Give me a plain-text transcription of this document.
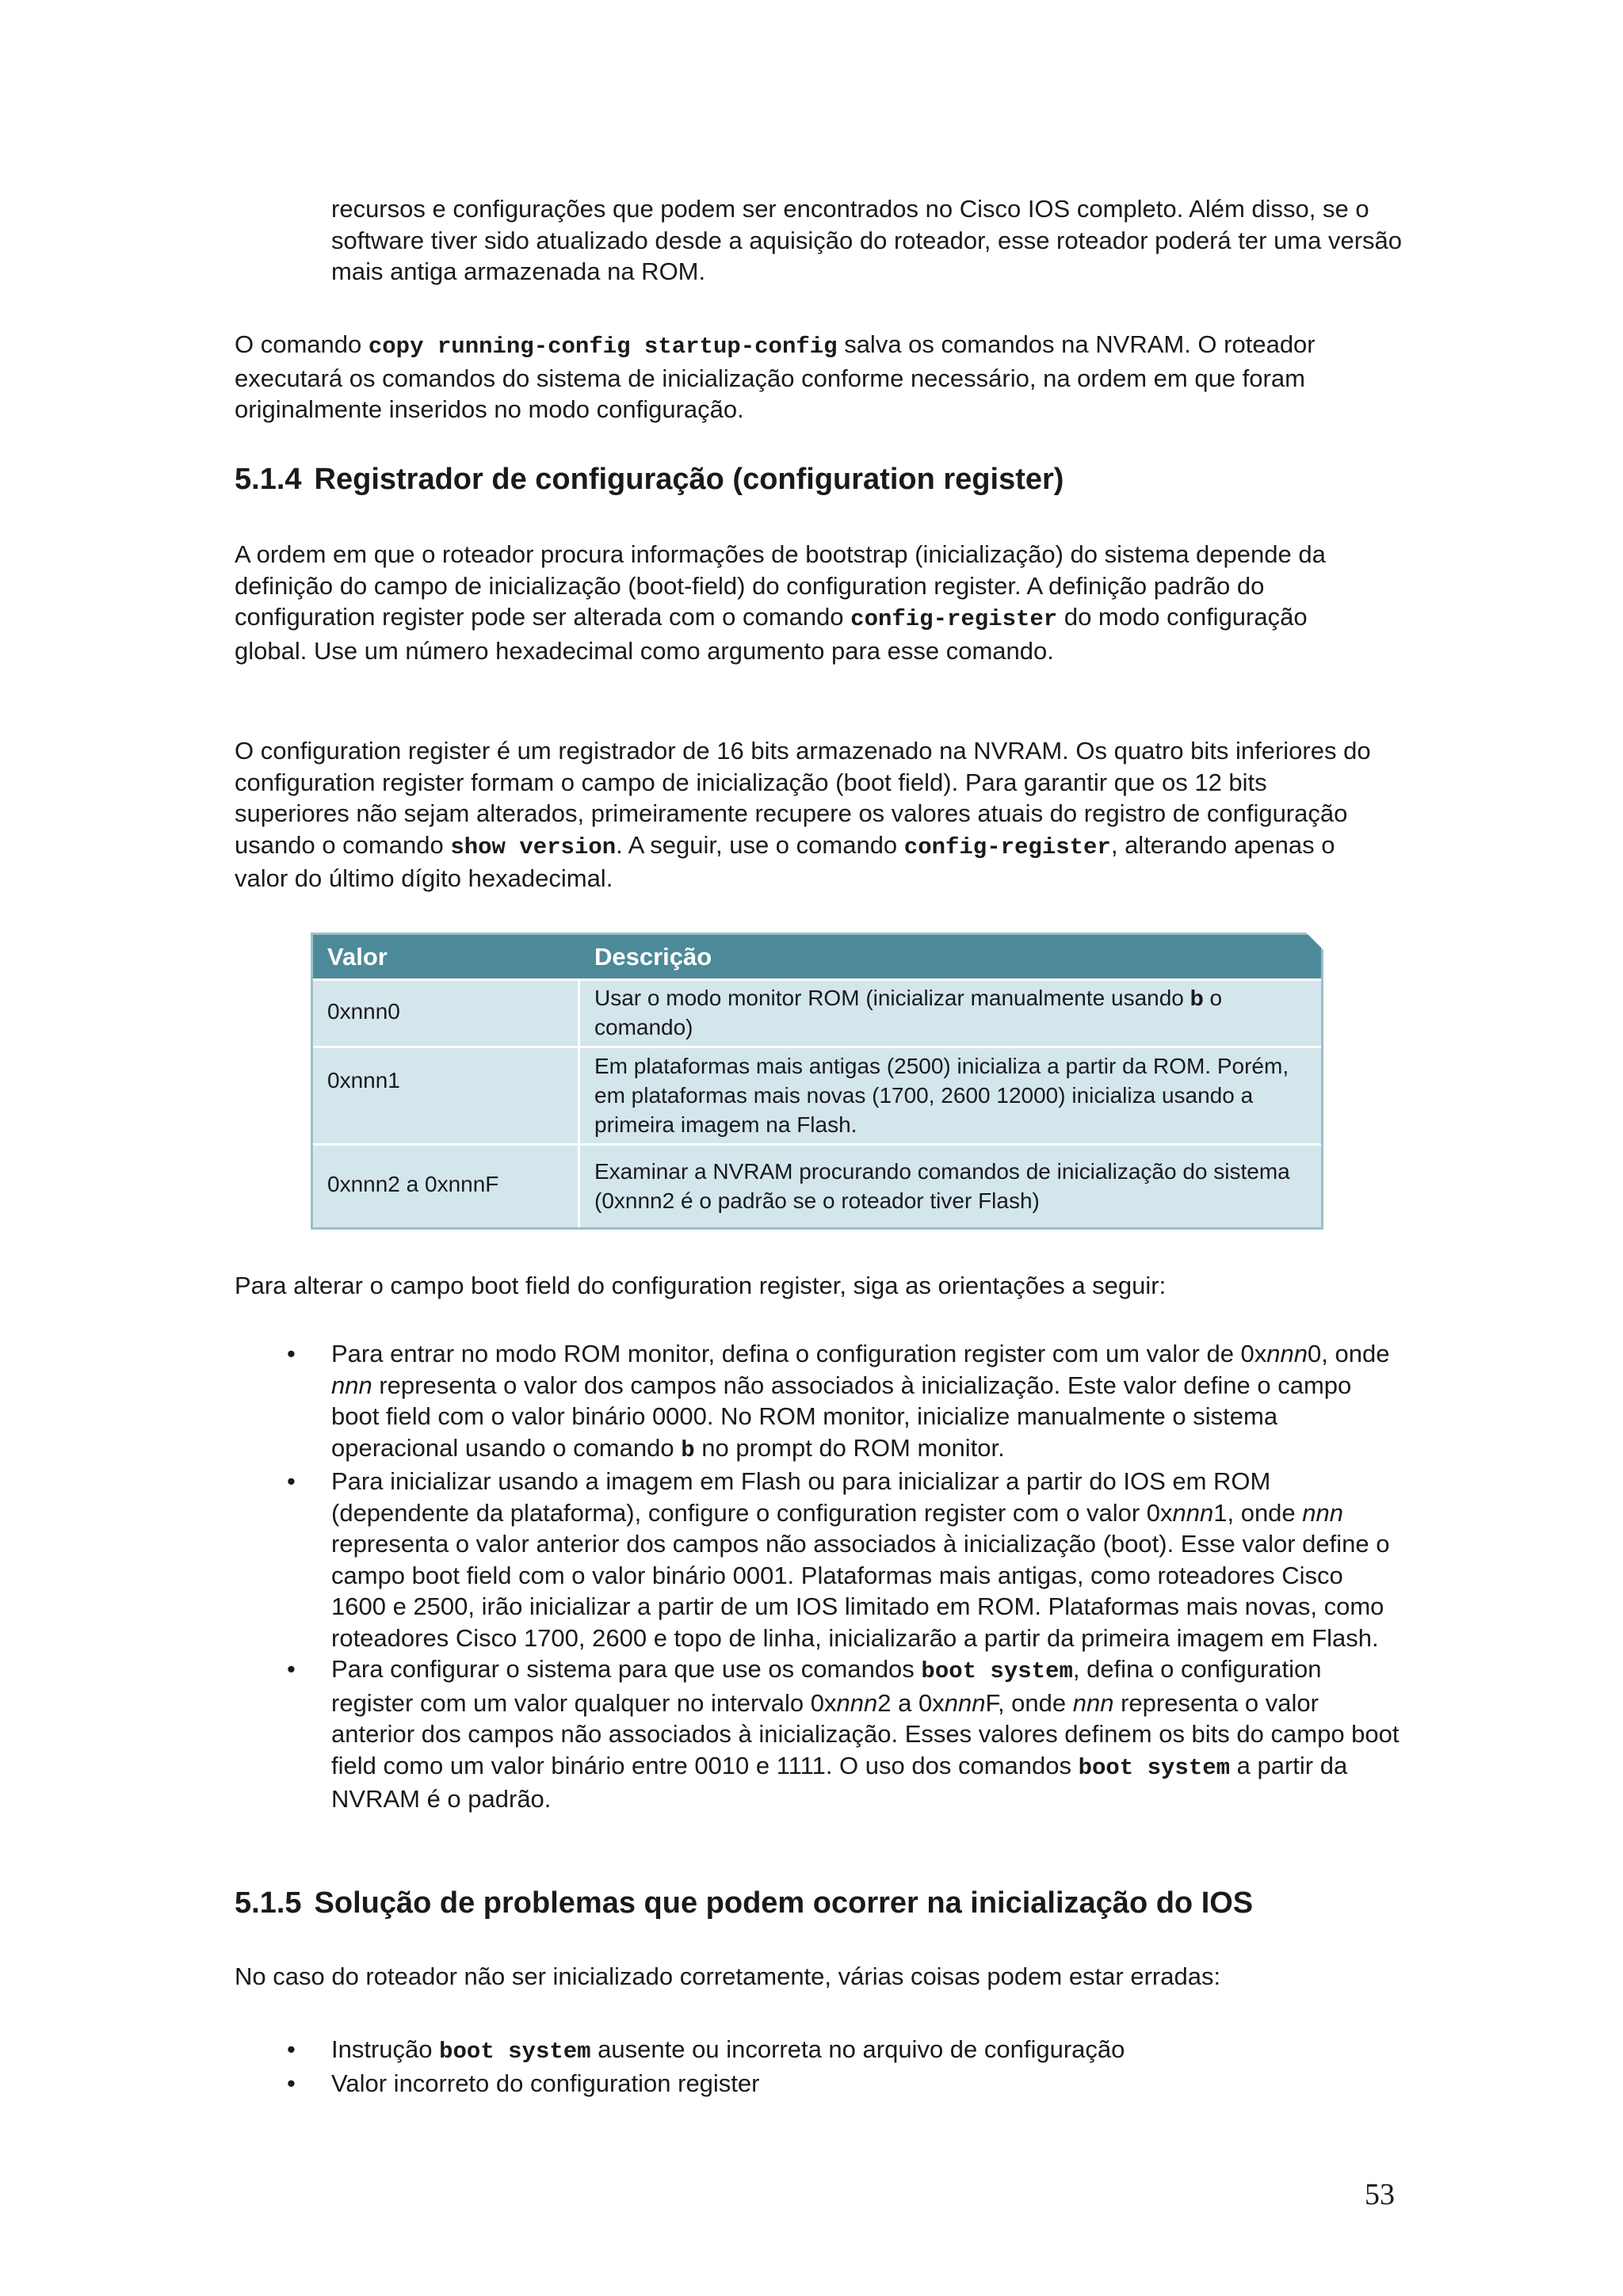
recursos e configurações que podem ser encontrados no Cisco IOS completo. Além disso, se o software tiver sido atualizado desde a aquisição do roteador, esse roteador poderá ter uma versão mais antiga armazenada na ROM.

O comando copy running-config startup-config salva os comandos na NVRAM. O roteador executará os comandos do sistema de inicialização conforme necessário, na ordem em que foram originalmente inseridos no modo configuração.

5.1.4 Registrador de configuração (configuration register)

A ordem em que o roteador procura informações de bootstrap (inicialização) do sistema depende da definição do campo de inicialização (boot-field) do configuration register. A definição padrão do configuration register pode ser alterada com o comando config-register do modo configuração global. Use um número hexadecimal como argumento para esse comando.

O configuration register é um registrador de 16 bits armazenado na NVRAM. Os quatro bits inferiores do configuration register formam o campo de inicialização (boot field). Para garantir que os 12 bits superiores não sejam alterados, primeiramente recupere os valores atuais do registro de configuração usando o comando show version. A seguir, use o comando config-register, alterando apenas o valor do último dígito hexadecimal.

Valor	Descrição
0xnnn0
Usar o modo monitor ROM (inicializar manualmente usando b o comando)
0xnnn1
Em plataformas mais antigas (2500) inicializa a partir da ROM. Porém, em plataformas mais novas (1700, 2600 12000) inicializa usando a primeira imagem na Flash.
0xnnn2 a 0xnnnF
Examinar a NVRAM procurando comandos de inicialização do sistema (0xnnn2 é o padrão se o roteador tiver Flash)

Para alterar o campo boot field do configuration register, siga as orientações a seguir:

• Para entrar no modo ROM monitor, defina o configuration register com um valor de 0xnnn0, onde nnn representa o valor dos campos não associados à inicialização. Este valor define o campo boot field com o valor binário 0000. No ROM monitor, inicialize manualmente o sistema operacional usando o comando b no prompt do ROM monitor.
• Para inicializar usando a imagem em Flash ou para inicializar a partir do IOS em ROM (dependente da plataforma), configure o configuration register com o valor 0xnnn1, onde nnn representa o valor anterior dos campos não associados à inicialização (boot). Esse valor define o campo boot field com o valor binário 0001. Plataformas mais antigas, como roteadores Cisco 1600 e 2500, irão inicializar a partir de um IOS limitado em ROM. Plataformas mais novas, como roteadores Cisco 1700, 2600 e topo de linha, inicializarão a partir da primeira imagem em Flash.
• Para configurar o sistema para que use os comandos boot system, defina o configuration register com um valor qualquer no intervalo 0xnnn2 a 0xnnnF, onde nnn representa o valor anterior dos campos não associados à inicialização. Esses valores definem os bits do campo boot field como um valor binário entre 0010 e 1111. O uso dos comandos boot system a partir da NVRAM é o padrão.
5.1.5 Solução de problemas que podem ocorrer na inicialização do IOS

No caso do roteador não ser inicializado corretamente, várias coisas podem estar erradas:

• Instrução boot system ausente ou incorreta no arquivo de configuração
• Valor incorreto do configuration register
53
